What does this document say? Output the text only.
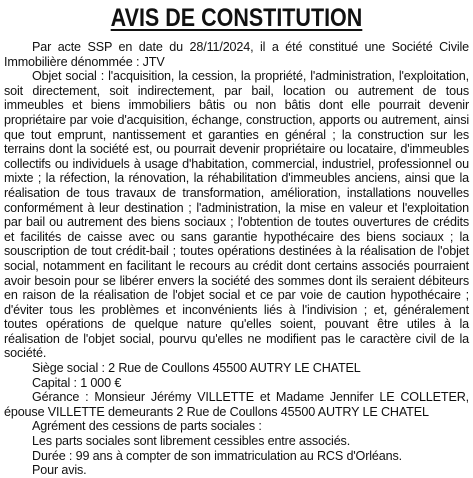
AVIS DE CONSTITUTION

Par acte SSP en date du 28/11/2024, il a été constitué une Société Civile Immobilière dénommée : JTV

Objet social : l'acquisition, la cession, la propriété, l'administration, l'exploitation, soit directement, soit indirectement, par bail, location ou autrement de tous immeubles et biens immobiliers bâtis ou non bâtis dont elle pourrait devenir propriétaire par voie d'acquisition, échange, construction, apports ou autrement, ainsi que tout emprunt, nantissement et garanties en général ; la construction sur les terrains dont la société est, ou pourrait devenir propriétaire ou locataire, d'immeubles collectifs ou individuels à usage d'habitation, commercial, industriel, professionnel ou mixte ; la réfection, la rénovation, la réhabilitation d'immeubles anciens, ainsi que la réalisation de tous travaux de transformation, amélioration, installations nouvelles conformément à leur destination ; l'administration, la mise en valeur et l'exploitation par bail ou autrement des biens sociaux ; l'obtention de toutes ouvertures de crédits et facilités de caisse avec ou sans garantie hypothécaire des biens sociaux ; la souscription de tout crédit-bail ; toutes opérations destinées à la réalisation de l'objet social, notamment en facilitant le recours au crédit dont certains associés pourraient avoir besoin pour se libérer envers la société des sommes dont ils seraient débiteurs en raison de la réalisation de l'objet social et ce par voie de caution hypothécaire ; d'éviter tous les problèmes et inconvénients liés à l'indivision ; et, généralement toutes opérations de quelque nature qu'elles soient, pouvant être utiles à la réalisation de l'objet social, pourvu qu'elles ne modifient pas le caractère civil de la société.

Siège social : 2 Rue de Coullons 45500 AUTRY LE CHATEL

Capital : 1 000 €

Gérance : Monsieur Jérémy VILLETTE et Madame Jennifer LE COLLETER, épouse VILLETTE demeurants 2 Rue de Coullons 45500 AUTRY LE CHATEL

Agrément des cessions de parts sociales :

Les parts sociales sont librement cessibles entre associés.

Durée : 99 ans à compter de son immatriculation au RCS d'Orléans.

Pour avis.
